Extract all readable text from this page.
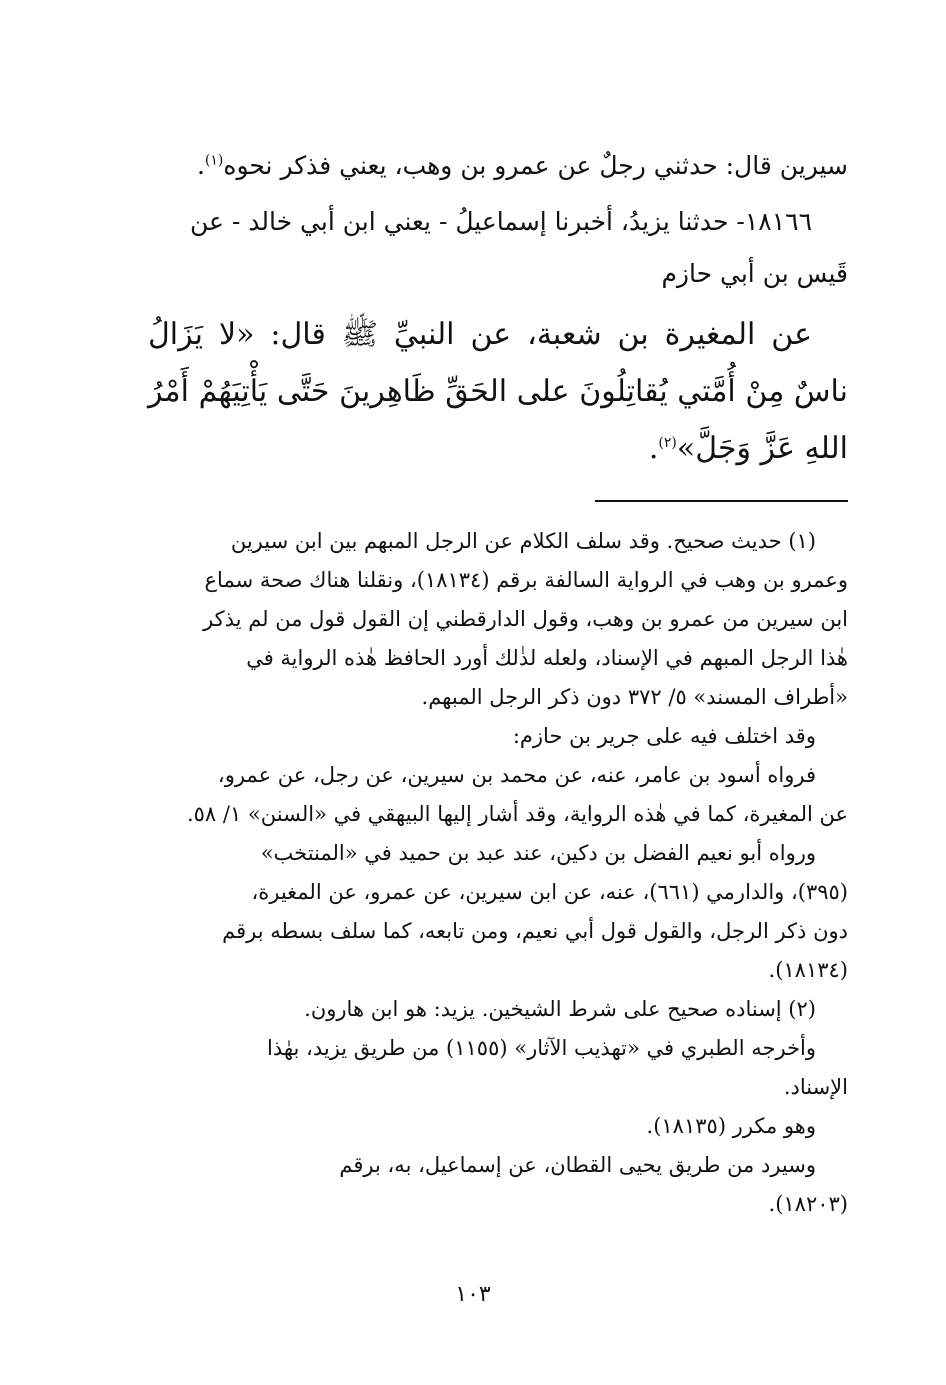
سيرين قال: حدثني رجلٌ عن عمرو بن وهب، يعني فذكر نحوه$^{(١)}$.

١٨١٦٦- حدثنا يزيدُ، أخبرنا إسماعيلُ - يعني ابن أبي خالد - عن

قَيس بن أبي حازم

عن المغيرة بن شعبة، عن النبيِّ ﷺ قال: «لا يَزَالُ ناسٌ مِنْ أُمَّتي يُقاتِلُونَ على الحَقِّ ظَاهِرينَ حَتَّى يَأْتِيَهُمْ أَمْرُ اللهِ عَزَّ وَجَلَّ»$^{(٢)}$.

(١) حديث صحيح. وقد سلف الكلام عن الرجل المبهم بين ابن سيرين

وعمرو بن وهب في الرواية السالفة برقم (١٨١٣٤)، ونقلنا هناك صحة سماع

ابن سيرين من عمرو بن وهب، وقول الدارقطني إن القول قول من لم يذكر

هٰذا الرجل المبهم في الإسناد، ولعله لذٰلك أورد الحافظ هٰذه الرواية في

«أطراف المسند» ٥/ ٣٧٢ دون ذكر الرجل المبهم.

وقد اختلف فيه على جرير بن حازم:

فرواه أسود بن عامر، عنه، عن محمد بن سيرين، عن رجل، عن عمرو،

عن المغيرة، كما في هٰذه الرواية، وقد أشار إليها البيهقي في «السنن» ١/ ٥٨.

ورواه أبو نعيم الفضل بن دكين، عند عبد بن حميد في «المنتخب»

(٣٩٥)، والدارمي (٦٦١)، عنه، عن ابن سيرين، عن عمرو، عن المغيرة،

دون ذكر الرجل، والقول قول أبي نعيم، ومن تابعه، كما سلف بسطه برقم

(١٨١٣٤).

(٢) إسناده صحيح على شرط الشيخين. يزيد: هو ابن هارون.

وأخرجه الطبري في «تهذيب الآثار» (١١٥٥) من طريق يزيد، بهٰذا

الإسناد.

وهو مكرر (١٨١٣٥).

وسيرد من طريق يحيى القطان، عن إسماعيل، به، برقم

(١٨٢٠٣).

١٠٣
